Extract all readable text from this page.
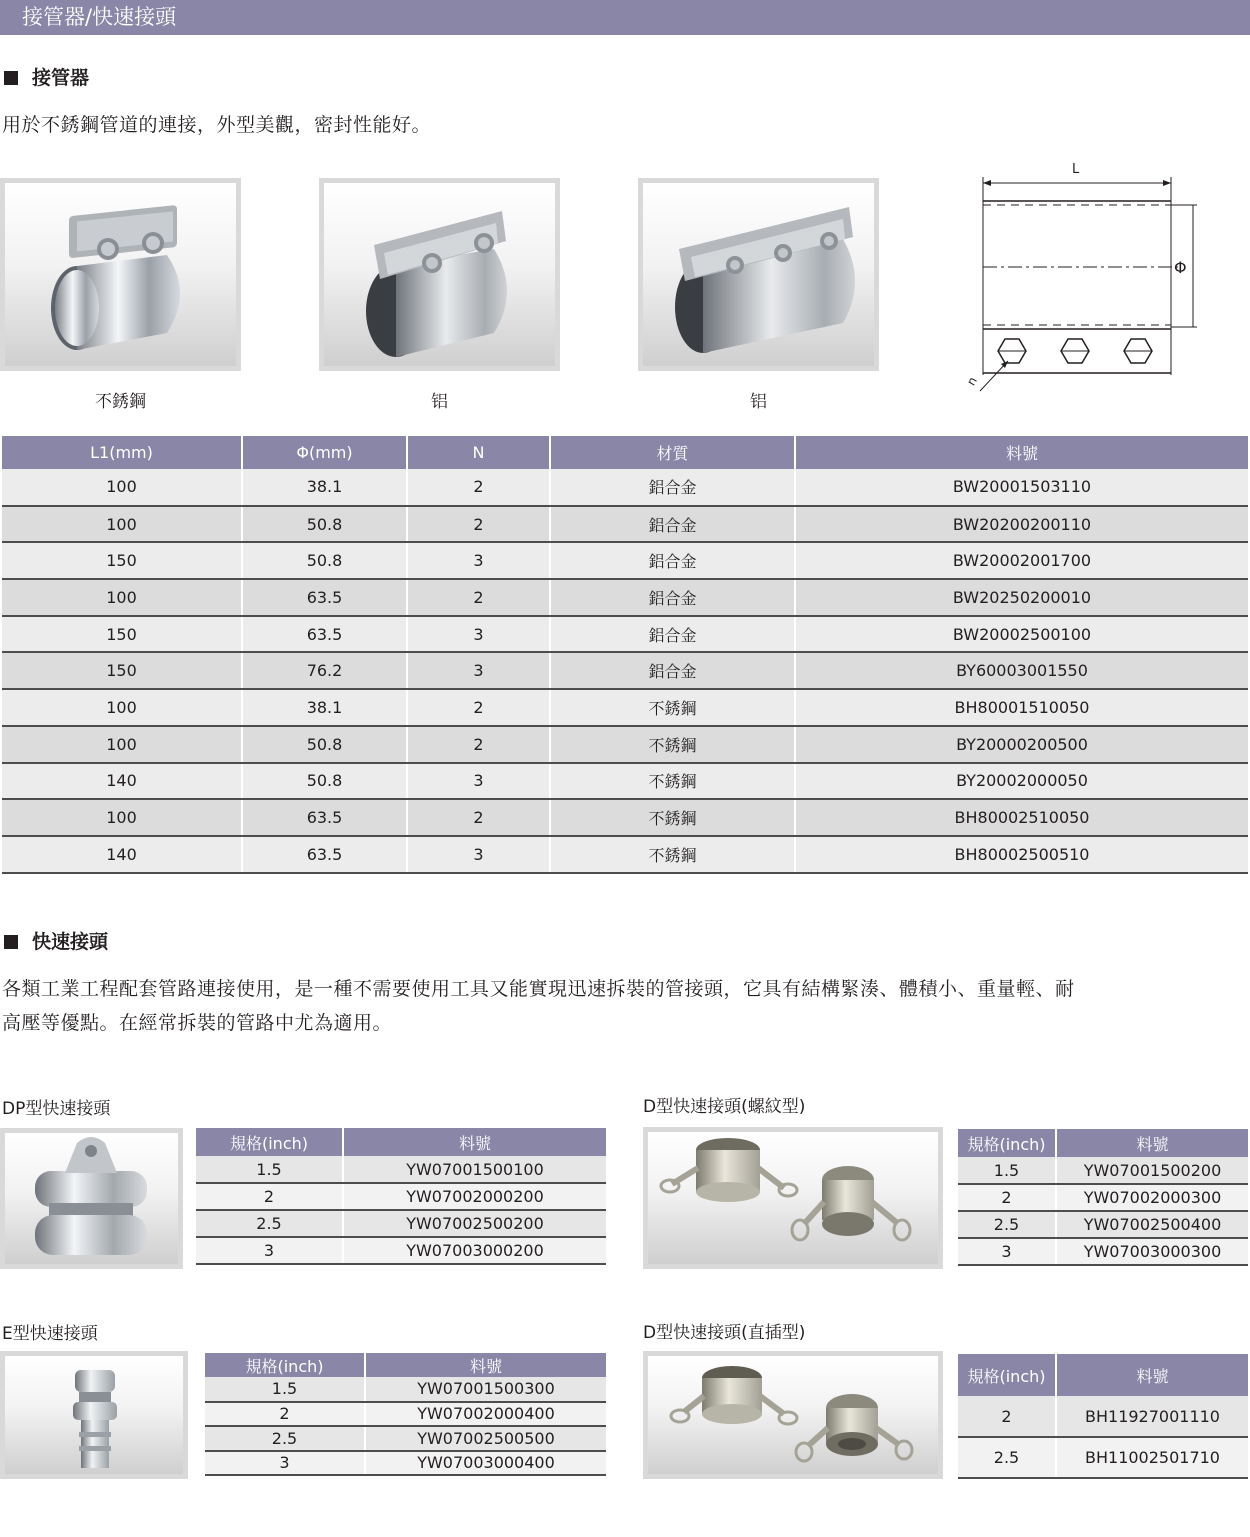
接管器/快速接頭
接管器
用於不銹鋼管道的連接，外型美觀，密封性能好。
不銹鋼	铝	铝
L
Φ
n
L1(mm)	Φ(mm)	N	材質	料號
100	38.1	2	鋁合金	BW20001503110
100	50.8	2	鋁合金	BW20200200110
150	50.8	3	鋁合金	BW20002001700
100	63.5	2	鋁合金	BW20250200010
150	63.5	3	鋁合金	BW20002500100
150	76.2	3	鋁合金	BY60003001550
100	38.1	2	不銹鋼	BH80001510050
100	50.8	2	不銹鋼	BY20000200500
140	50.8	3	不銹鋼	BY20002000050
100	63.5	2	不銹鋼	BH80002510050
140	63.5	3	不銹鋼	BH80002500510
快速接頭
各類工業工程配套管路連接使用，是一種不需要使用工具又能實現迅速拆裝的管接頭，它具有結構緊湊、體積小、重量輕、耐
高壓等優點。在經常拆裝的管路中尤為適用。
DP型快速接頭
規格(inch)	料號
1.5	YW07001500100
2	YW07002000200
2.5	YW07002500200
3	YW07003000200
D型快速接頭(螺紋型)
規格(inch)	料號
1.5	YW07001500200
2	YW07002000300
2.5	YW07002500400
3	YW07003000300
E型快速接頭
規格(inch)	料號
1.5	YW07001500300
2	YW07002000400
2.5	YW07002500500
3	YW07003000400
D型快速接頭(直插型)
規格(inch)	料號
2	BH11927001110
2.5	BH11002501710
